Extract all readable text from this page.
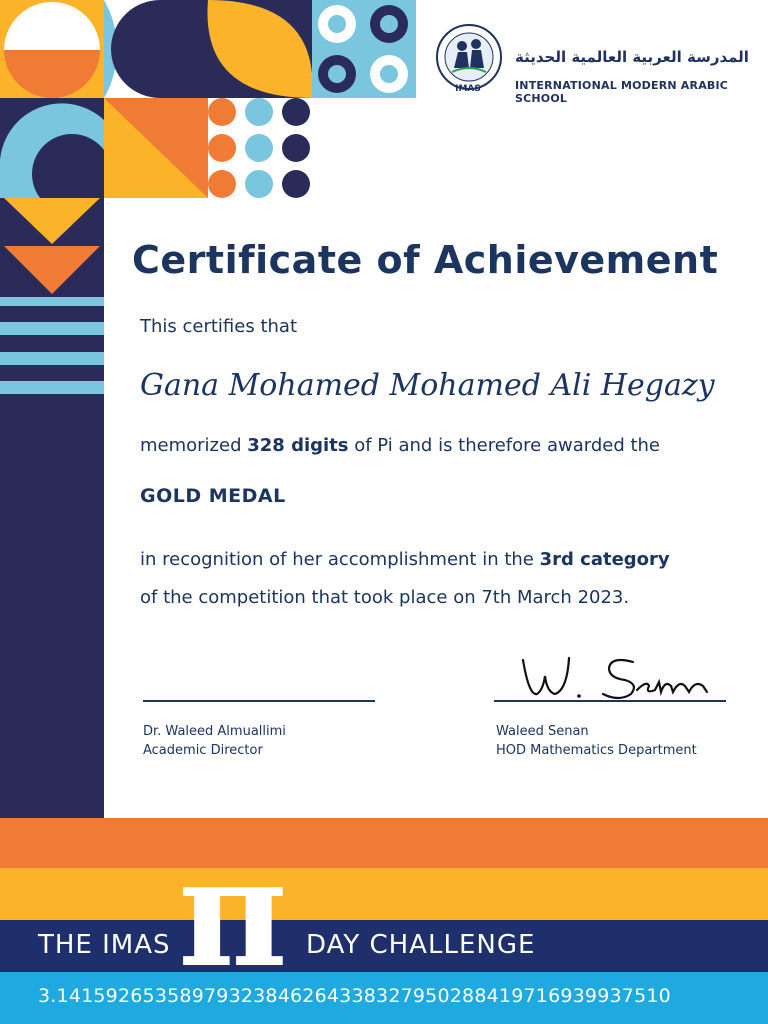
IMAS
المدرسة العربية العالمية الحديثة
INTERNATIONAL MODERN ARABIC SCHOOL
Certificate of Achievement
This certifies that
Gana Mohamed Mohamed Ali Hegazy
memorized 328 digits of Pi and is therefore awarded the
GOLD MEDAL
in recognition of her accomplishment in the 3rd category
of the competition that took place on 7th March 2023.
Dr. Waleed Almuallimi
Academic Director
Waleed Senan
HOD Mathematics Department
THE IMAS π DAY CHALLENGE
3.14159265358979323846264338327950288419716939937510
